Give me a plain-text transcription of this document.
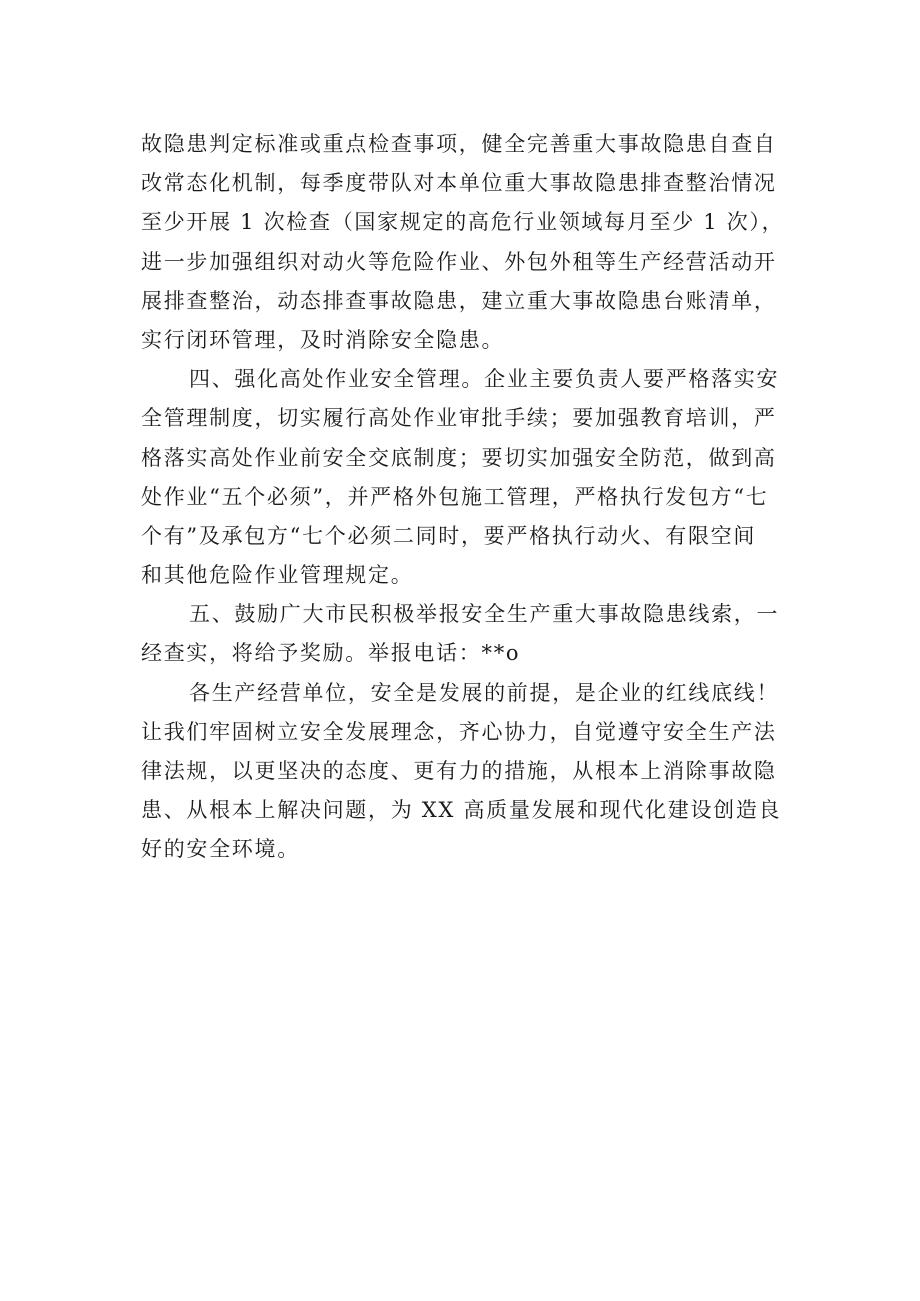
故隐患判定标准或重点检查事项，健全完善重大事故隐患自查自
改常态化机制，每季度带队对本单位重大事故隐患排查整治情况
至少开展 1 次检查（国家规定的高危行业领域每月至少 1 次），
进一步加强组织对动火等危险作业、外包外租等生产经营活动开
展排查整治，动态排查事故隐患，建立重大事故隐患台账清单，
实行闭环管理，及时消除安全隐患。
四、强化高处作业安全管理。企业主要负责人要严格落实安
全管理制度，切实履行高处作业审批手续；要加强教育培训，严
格落实高处作业前安全交底制度；要切实加强安全防范，做到高
处作业“五个必须”，并严格外包施工管理，严格执行发包方“七
个有”及承包方“七个必须二同时，要严格执行动火、有限空间
和其他危险作业管理规定。
五、鼓励广大市民积极举报安全生产重大事故隐患线索，一
经查实，将给予奖励。举报电话：**o
各生产经营单位，安全是发展的前提，是企业的红线底线！
让我们牢固树立安全发展理念，齐心协力，自觉遵守安全生产法
律法规，以更坚决的态度、更有力的措施，从根本上消除事故隐
患、从根本上解决问题，为 XX 高质量发展和现代化建设创造良
好的安全环境。
